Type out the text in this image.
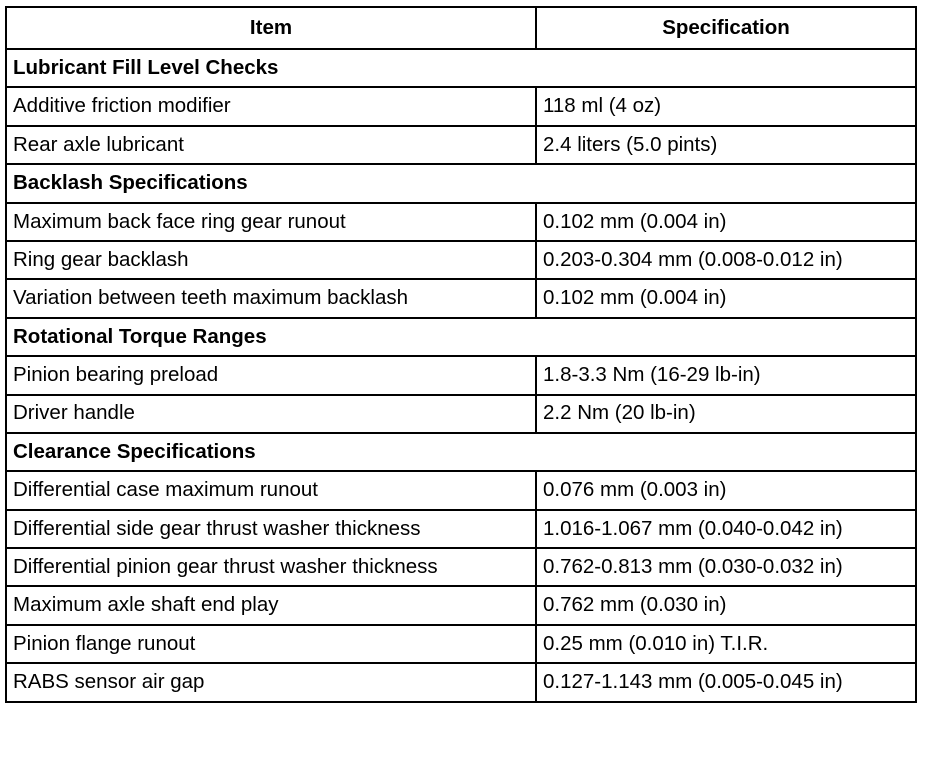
Item	Specification
Lubricant Fill Level Checks	
Additive friction modifier	118 ml (4 oz)
Rear axle lubricant	2.4 liters (5.0 pints)
Backlash Specifications	
Maximum back face ring gear runout	0.102 mm (0.004 in)
Ring gear backlash	0.203-0.304 mm (0.008-0.012 in)
Variation between teeth maximum backlash	0.102 mm (0.004 in)
Rotational Torque Ranges	
Pinion bearing preload	1.8-3.3 Nm (16-29 lb-in)
Driver handle	2.2 Nm (20 lb-in)
Clearance Specifications	
Differential case maximum runout	0.076 mm (0.003 in)
Differential side gear thrust washer thickness	1.016-1.067 mm (0.040-0.042 in)
Differential pinion gear thrust washer thickness	0.762-0.813 mm (0.030-0.032 in)
Maximum axle shaft end play	0.762 mm (0.030 in)
Pinion flange runout	0.25 mm (0.010 in) T.I.R.
RABS sensor air gap	0.127-1.143 mm (0.005-0.045 in)
